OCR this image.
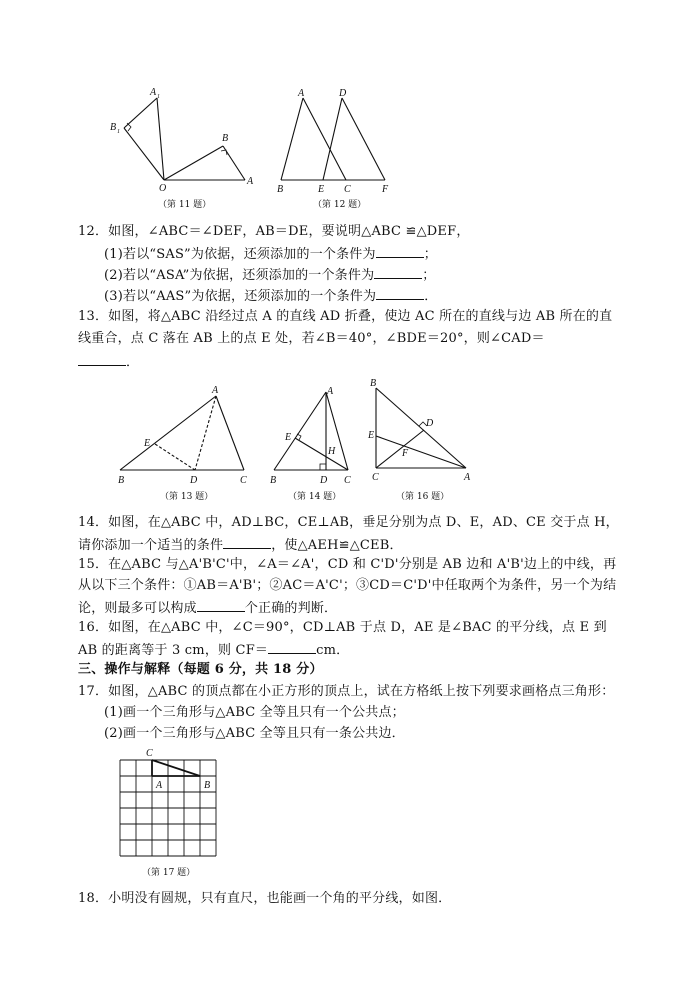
A 1
B 1
B
O
A
（第 11 题）
A	D
B	E C	F
（第 12 题）
12．如图，∠ABC＝∠DEF，AB＝DE，要说明△ABC ≌△DEF，
(1)若以“SAS”为依据，还须添加的一个条件为	；
(2)若以“ASA”为依据，还须添加的一个条件为	；
(3)若以“AAS”为依据，还须添加的一个条件为	．
13．如图，将△ABC 沿经过点 A 的直线 AD 折叠，使边 AC 所在的直线与边 AB 所在的直
线重合，点 C 落在 AB 上的点 E 处，若∠B＝40°，∠BDE＝20°，则∠CAD＝
．
A
E
B	D	C
（第 13 题）
A
E
H
B	D C
（第 14 题）
B
D
E
F
C	A
（第 16 题）
14．如图，在△ABC 中，AD⊥BC，CE⊥AB，垂足分别为点 D、E，AD、CE 交于点 H，
请你添加一个适当的条件	，使△AEH≌△CEB．
15．在△ABC 与△A'B'C'中，∠A＝∠A'，CD 和 C'D'分别是 AB 边和 A'B'边上的中线，再
从以下三个条件：①AB＝A'B'；②AC＝A'C'；③CD＝C'D'中任取两个为条件，另一个为结
论，则最多可以构成	个正确的判断．
16．如图，在△ABC 中，∠C＝90°，CD⊥AB 于点 D，AE 是∠BAC 的平分线，点 E 到
AB 的距离等于 3 cm，则 CF＝	cm．
三、操作与解释（每题 6 分，共 18 分）
17．如图，△ABC 的顶点都在小正方形的顶点上，试在方格纸上按下列要求画格点三角形：
(1)画一个三角形与△ABC 全等且只有一个公共点；
(2)画一个三角形与△ABC 全等且只有一条公共边．
C
A	B
（第 17 题）
18．小明没有圆规，只有直尺，也能画一个角的平分线，如图．
